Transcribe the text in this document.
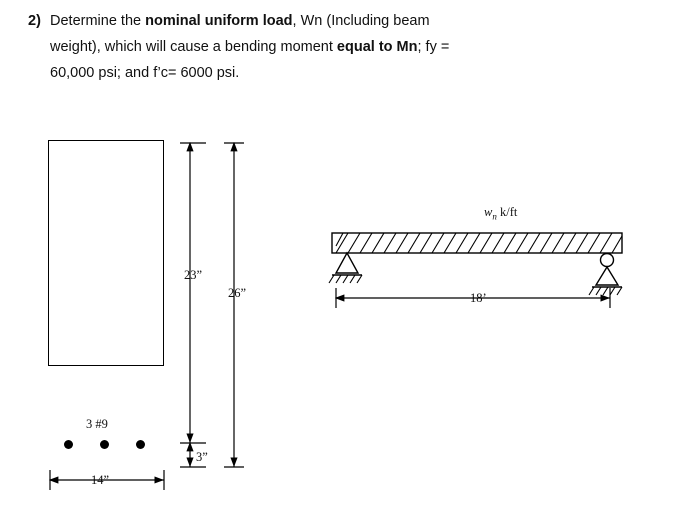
2) Determine the nominal uniform load, Wn (Including beam
weight), which will cause a bending moment equal to Mn; fy =
60,000 psi; and f’c= 6000 psi.
3 #9
23”
26”
3”
14”
$w_n$ k/ft
18’
